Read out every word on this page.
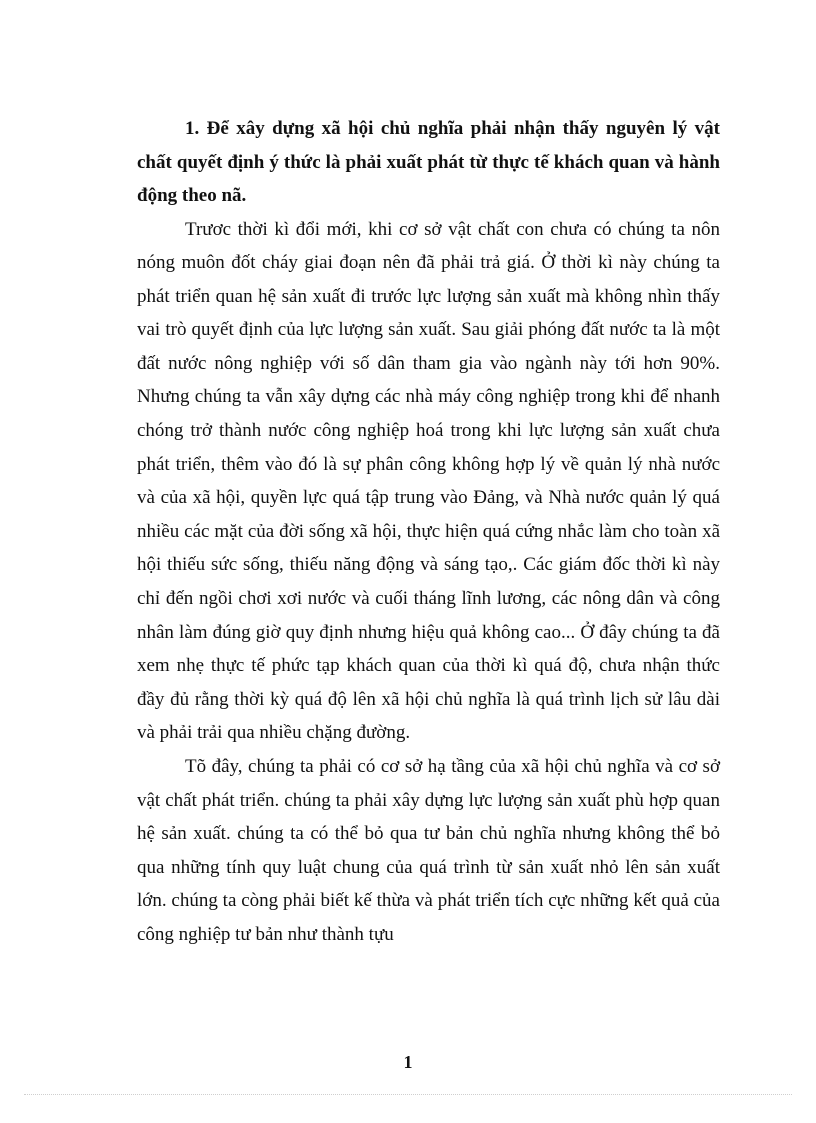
1. Để xây dựng xã hội chủ nghĩa phải nhận thấy nguyên lý vật chất quyết định ý thức là phải xuất phát từ thực tế khách quan và hành động theo nã.

Trươc thời kì đổi mới, khi cơ sở vật chất con chưa có chúng ta nôn nóng muôn đốt cháy giai đoạn nên đã phải trả giá. Ở thời kì này chúng ta phát triển quan hệ sản xuất đi trước lực lượng sản xuất mà không nhìn thấy vai trò quyết định của lực lượng sản xuất. Sau giải phóng đất nước ta là một đất nước nông nghiệp với số dân tham gia vào ngành này tới hơn 90%. Nhưng chúng ta vẫn xây dựng các nhà máy công nghiệp trong khi để nhanh chóng trở thành nước công nghiệp hoá trong khi lực lượng sản xuất chưa phát triển, thêm vào đó là sự phân công không hợp lý về quản lý nhà nước và của xã hội, quyền lực quá tập trung vào Đảng, và Nhà nước quản lý quá nhiều các mặt của đời sống xã hội, thực hiện quá cứng nhắc làm cho toàn xã hội thiếu sức sống, thiếu năng động và sáng tạo,. Các giám đốc thời kì này chỉ đến ngồi chơi xơi nước và cuối tháng lĩnh lương, các nông dân và công nhân làm đúng giờ quy định nhưng hiệu quả không cao... Ở đây chúng ta đã xem nhẹ thực tế phức tạp khách quan của thời kì quá độ, chưa nhận thức đầy đủ rằng thời kỳ quá độ lên xã hội chủ nghĩa là quá trình lịch sử lâu dài và phải trải qua nhiều chặng đường.

Tõ đây, chúng ta phải có cơ sở hạ tầng của xã hội chủ nghĩa và cơ sở vật chất phát triển. chúng ta phải xây dựng lực lượng sản xuất phù hợp quan hệ sản xuất. chúng ta có thể bỏ qua tư bản chủ nghĩa nhưng không thể bỏ qua những tính quy luật chung của quá trình từ sản xuất nhỏ lên sản xuất lớn. chúng ta còng phải biết kế thừa và phát triển tích cực những kết quả của công nghiệp tư bản như thành tựu

1
